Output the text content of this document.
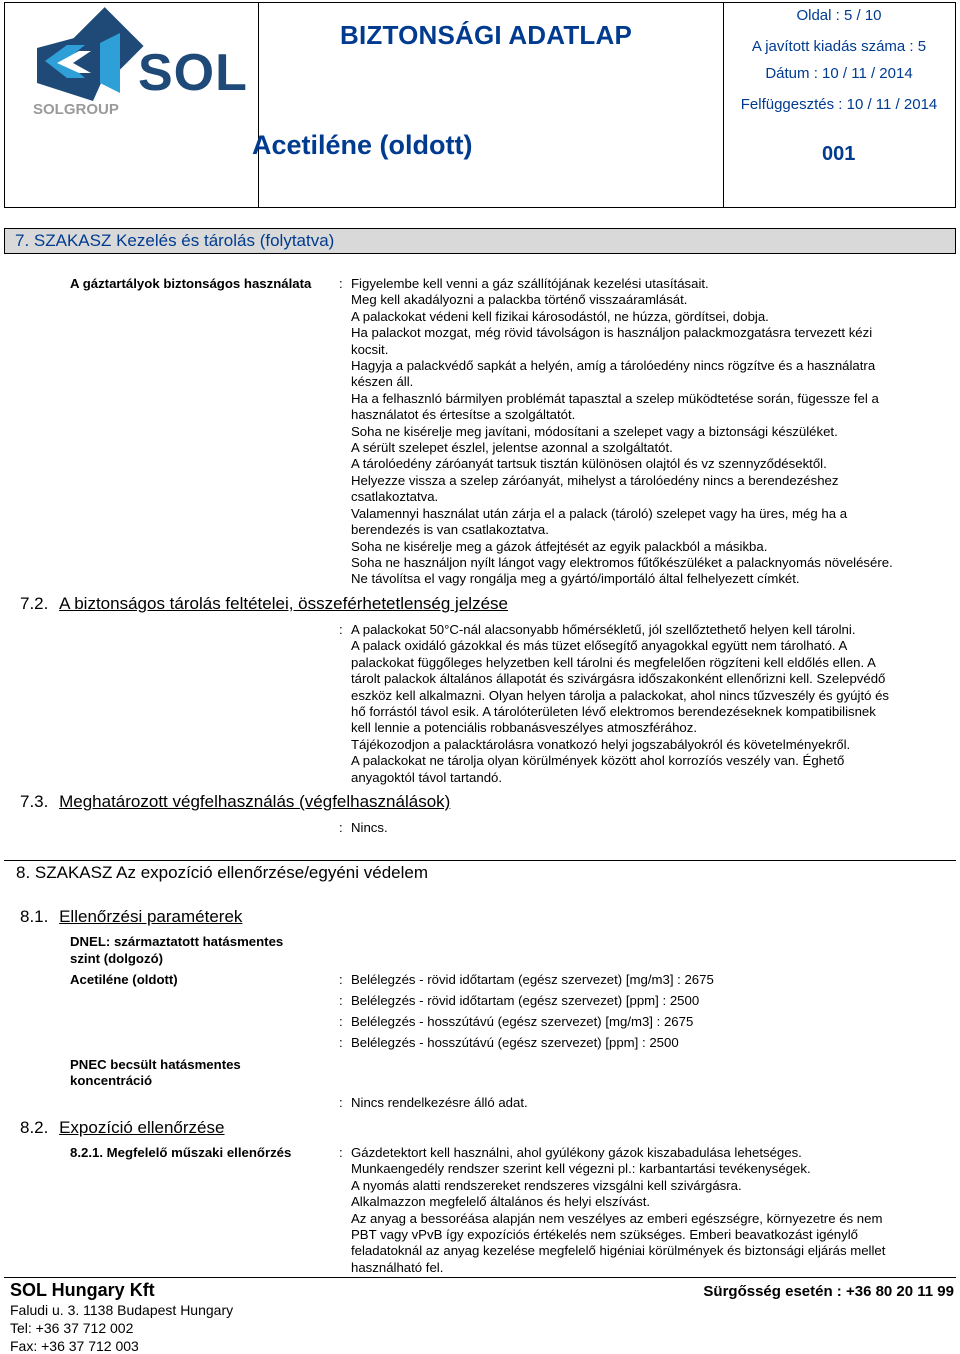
SOL
SOLGROUP
BIZTONSÁGI ADATLAP
Acetiléne (oldott)
Oldal : 5 / 10
A javított kiadás száma : 5
Dátum : 10 / 11 / 2014
Felfüggesztés : 10 / 11 / 2014
001
7. SZAKASZ Kezelés és tárolás (folytatva)
A gáztartályok biztonságos használata : Figyelembe kell venni a gáz szállítójának kezelési utasításait.
Meg kell akadályozni a palackba történő visszaáramlását.
A palackokat védeni kell fizikai károsodástól, ne húzza, gördítsei, dobja.
Ha palackot mozgat, még rövid távolságon is használjon palackmozgatásra tervezett kézi
kocsit.
Hagyja a palackvédő sapkát a helyén, amíg a tárolóedény nincs rögzítve és a használatra
készen áll.
Ha a felhasznló bármilyen problémát tapasztal a szelep müködtetése során, fügessze fel a
használatot és értesítse a szolgáltatót.
Soha ne kisérelje meg javítani, módosítani a szelepet vagy a biztonsági készüléket.
A sérült szelepet észlel, jelentse azonnal a szolgáltatót.
A tárolóedény záróanyát tartsuk tisztán különösen olajtól és vz szennyződésektől.
Helyezze vissza a szelep záróanyát, mihelyst a tárolóedény nincs a berendezéshez
csatlakoztatva.
Valamennyi használat után zárja el a palack (tároló) szelepet vagy ha üres, még ha a
berendezés is van csatlakoztatva.
Soha ne kisérelje meg a gázok átfejtését az egyik palackból a másikba.
Soha ne használjon nyílt lángot vagy elektromos fűtőkészüléket a palacknyomás növelésére.
Ne távolítsa el vagy rongálja meg a gyártó/importáló által felhelyezett címkét.
7.2. A biztonságos tárolás feltételei, összeférhetetlenség jelzése
: A palackokat 50°C-nál alacsonyabb hőmérsékletű, jól szellőztethető helyen kell tárolni.
A palack oxidáló gázokkal és más tüzet elősegítő anyagokkal együtt nem tárolható. A
palackokat függőleges helyzetben kell tárolni és megfelelően rögzíteni kell eldőlés ellen. A
tárolt palackok általános állapotát és szivárgásra időszakonként ellenőrizni kell. Szelepvédő
eszköz kell alkalmazni. Olyan helyen tárolja a palackokat, ahol nincs tűzveszély és gyújtó és
hő forrástól távol esik. A tárolóterületen lévő elektromos berendezéseknek kompatibilisnek
kell lennie a potenciális robbanásveszélyes atmoszférához.
Tájékozodjon a palacktárolásra vonatkozó helyi jogszabályokról és követelményekről.
A palackokat ne tárolja olyan körülmények között ahol korrozíós veszély van. Éghető
anyagoktól távol tartandó.
7.3. Meghatározott végfelhasználás (végfelhasználások)
: Nincs.
8. SZAKASZ Az expozíció ellenőrzése/egyéni védelem
8.1. Ellenőrzési paraméterek
DNEL: származtatott hatásmentes
szint (dolgozó)
Acetiléne (oldott)	: Belélegzés - rövid időtartam (egész szervezet) [mg/m3] : 2675
: Belélegzés - rövid időtartam (egész szervezet) [ppm] : 2500
: Belélegzés - hosszútávú (egész szervezet) [mg/m3] : 2675
: Belélegzés - hosszútávú (egész szervezet) [ppm] : 2500
PNEC becsült hatásmentes
koncentráció
: Nincs rendelkezésre álló adat.
8.2. Expozíció ellenőrzése
8.2.1. Megfelelő műszaki ellenőrzés	: Gázdetektort kell használni, ahol gyúlékony gázok kiszabadulása lehetséges.
Munkaengedély rendszer szerint kell végezni pl.: karbantartási tevékenységek.
A nyomás alatti rendszereket rendszeres vizsgálni kell szivárgásra.
Alkalmazzon megfelelő általános és helyi elszívást.
Az anyag a bessoréása alapján nem veszélyes az emberi egészségre, környezetre és nem
PBT vagy vPvB így expozíciós értékelés nem szükséges. Emberi beavatkozást igénylő
feladatoknál az anyag kezelése megfelelő higéniai körülmények és biztonsági eljárás mellet
használható fel.
SOL Hungary Kft
Faludi u. 3. 1138 Budapest Hungary
Tel: +36 37 712 002
Fax: +36 37 712 003
Sürgősség esetén : +36 80 20 11 99
